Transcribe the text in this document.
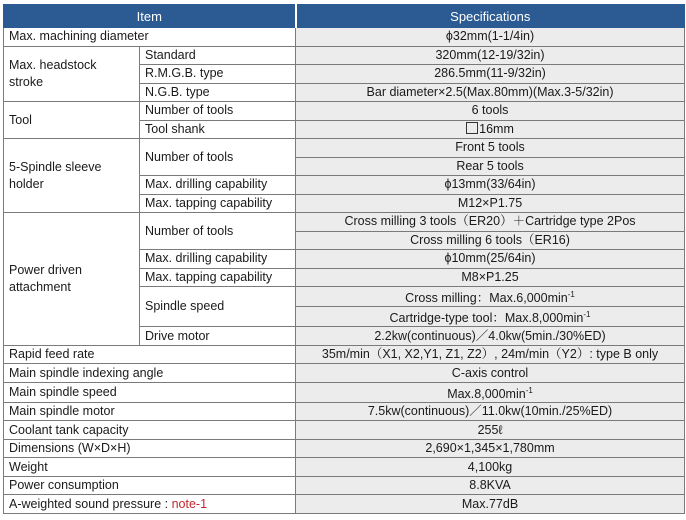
Item		Specifications
Max. machining diameter		ϕ32mm(1-1/4in)
Max. headstock stroke	Standard	320mm(12-19/32in)
	R.M.G.B. type	286.5mm(11-9/32in)
	N.G.B. type	Bar diameter×2.5(Max.80mm)(Max.3-5/32in)
Tool	Number of tools	6 tools
	Tool shank	16mm
5-Spindle sleeve holder	Number of tools	Front 5 tools
		Rear 5 tools
	Max. drilling capability	ϕ13mm(33/64in)
	Max. tapping capability	M12×P1.75
Power driven attachment	Number of tools	Cross milling 3 tools（ER20）＋Cartridge type 2Pos
		Cross milling 6 tools（ER16)
	Max. drilling capability	ϕ10mm(25/64in)
	Max. tapping capability	M8×P1.25
	Spindle speed	Cross milling：$Max.6,000\min^{-1}$
		Cartridge-type tool：$Max.8,000\min^{-1}$
	Drive motor	2.2kw(continuous)／4.0kw(5min./30%ED)
Rapid feed rate		35m/min（X1, X2,Y1, Z1, Z2）, 24m/min（Y2）: type B only
Main spindle indexing angle		C-axis control
Main spindle speed		$Max.8,000\min^{-1}$
Main spindle motor		7.5kw(continuous)／11.0kw(10min./25%ED)
Coolant tank capacity		255ℓ
Dimensions (W×D×H)		2,690×1,345×1,780mm
Weight		4,100kg
Power consumption		8.8KVA
A-weighted sound pressure : note-1		Max.77dB
